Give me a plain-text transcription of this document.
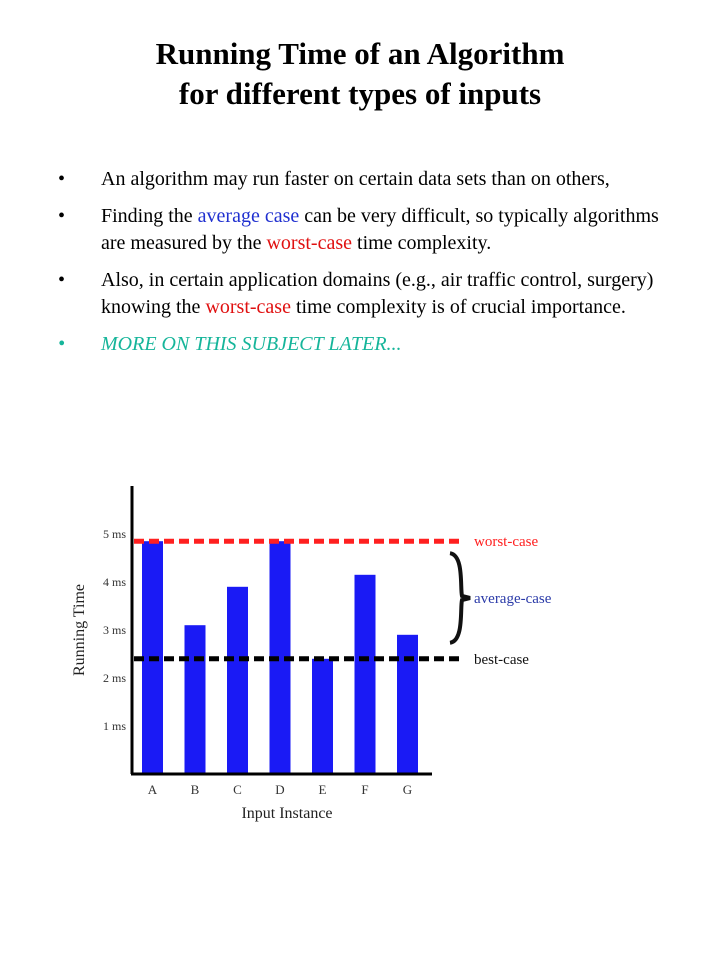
Running Time of an Algorithm
for different types of inputs
• An algorithm may run faster on certain data sets than on others,
• Finding the average case can be very difficult, so typically algorithms are measured by the worst-case time complexity.
• Also, in certain application domains (e.g., air traffic control, surgery) knowing the worst-case time complexity is of crucial importance.
• MORE ON THIS SUBJECT LATER...
A	B	C	D	E	F	G
worst-case
best-case
average-case
1 ms
2 ms
3 ms
4 ms
5 ms
Input Instance
Running Time
